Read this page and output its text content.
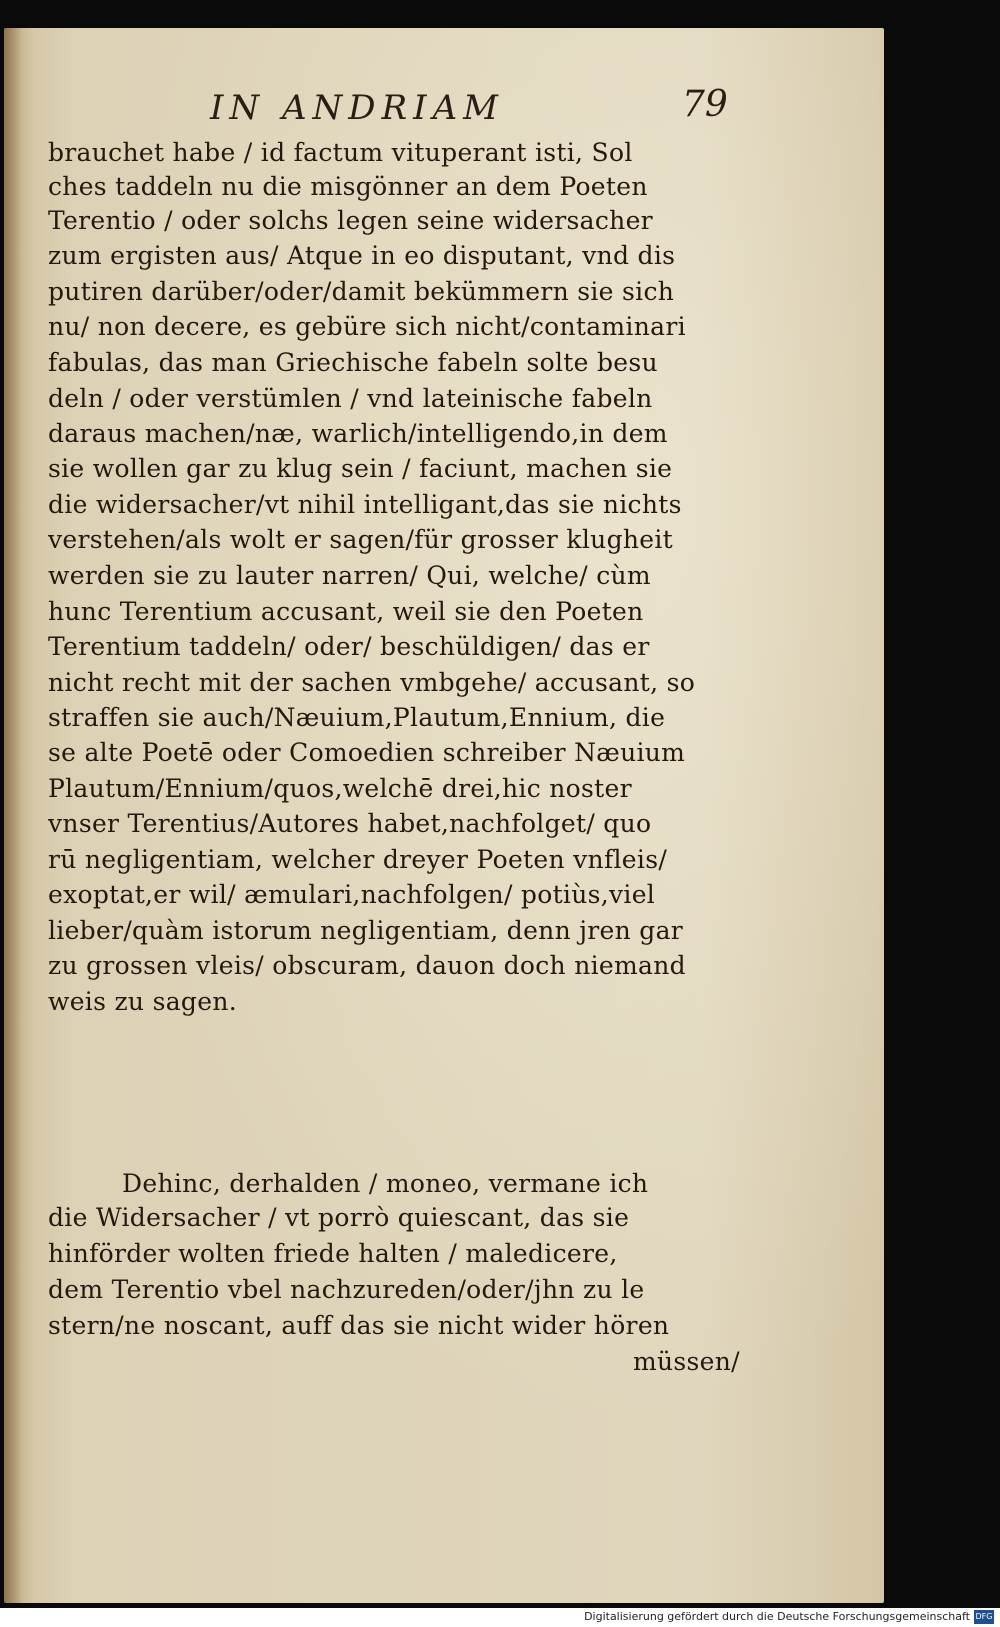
IN ANDRIAM	79
brauchet habe / id factum vituperant isti, Sol
ches taddeln nu die misgönner an dem Poeten
Terentio / oder solchs legen seine widersacher
zum ergisten aus/ Atque in eo disputant, vnd dis
putiren darüber/oder/damit bekümmern sie sich
nu/ non decere, es gebüre sich nicht/contaminari
fabulas, das man Griechische fabeln solte besu
deln / oder verstümlen / vnd lateinische fabeln
daraus machen/næ, warlich/intelligendo,in dem
sie wollen gar zu klug sein / faciunt, machen sie
die widersacher/vt nihil intelligant,das sie nichts
verstehen/als wolt er sagen/für grosser klugheit
werden sie zu lauter narren/ Qui, welche/ cùm
hunc Terentium accusant, weil sie den Poeten
Terentium taddeln/ oder/ beschüldigen/ das er
nicht recht mit der sachen vmbgehe/ accusant, so
straffen sie auch/Næuium,Plautum,Ennium, die
se alte Poetē oder Comoedien schreiber Næuium
Plautum/Ennium/quos,welchē drei,hic noster
vnser Terentius/Autores habet,nachfolget/ quo
rū negligentiam, welcher dreyer Poeten vnfleis/
exoptat,er wil/ æmulari,nachfolgen/ potiùs,viel
lieber/quàm istorum negligentiam, denn jren gar
zu grossen vleis/ obscuram, dauon doch niemand
weis zu sagen.
Dehinc, derhalden / moneo, vermane ich
die Widersacher / vt porrò quiescant, das sie
hinförder wolten friede halten / maledicere,
dem Terentio vbel nachzureden/oder/jhn zu le
stern/ne noscant, auff das sie nicht wider hören
müssen/
Digitalisierung gefördert durch die Deutsche Forschungsgemeinschaft DFG
